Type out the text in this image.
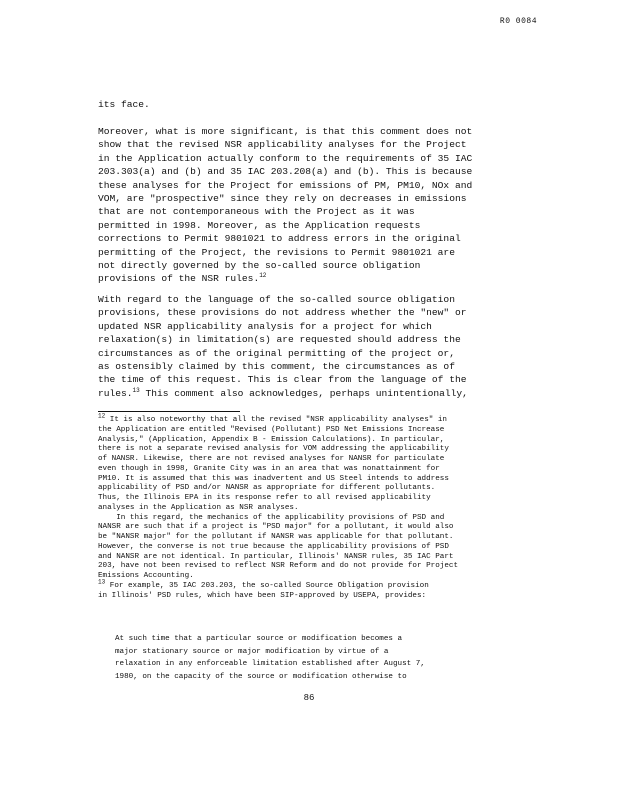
R0 0084
its face.
Moreover, what is more significant, is that this comment does not
show that the revised NSR applicability analyses for the Project
in the Application actually conform to the requirements of 35 IAC
203.303(a) and (b) and 35 IAC 203.208(a) and (b). This is because
these analyses for the Project for emissions of PM, PM10, NOx and
VOM, are "prospective" since they rely on decreases in emissions
that are not contemporaneous with the Project as it was
permitted in 1998. Moreover, as the Application requests
corrections to Permit 9801021 to address errors in the original
permitting of the Project, the revisions to Permit 9801021 are
not directly governed by the so-called source obligation
provisions of the NSR rules.$^{12}$
With regard to the language of the so-called source obligation
provisions, these provisions do not address whether the "new" or
updated NSR applicability analysis for a project for which
relaxation(s) in limitation(s) are requested should address the
circumstances as of the original permitting of the project or,
as ostensibly claimed by this comment, the circumstances as of
the time of this request. This is clear from the language of the
rules.$^{13}$ This comment also acknowledges, perhaps unintentionally,
$^{12}$ It is also noteworthy that all the revised "NSR applicability analyses" in
the Application are entitled "Revised (Pollutant) PSD Net Emissions Increase
Analysis," (Application, Appendix B - Emission Calculations). In particular,
there is not a separate revised analysis for VOM addressing the applicability
of NANSR. Likewise, there are not revised analyses for NANSR for particulate
even though in 1998, Granite City was in an area that was nonattainment for
PM10. It is assumed that this was inadvertent and US Steel intends to address
applicability of PSD and/or NANSR as appropriate for different pollutants.
Thus, the Illinois EPA in its response refer to all revised applicability
analyses in the Application as NSR analyses.
In this regard, the mechanics of the applicability provisions of PSD and
NANSR are such that if a project is "PSD major" for a pollutant, it would also
be "NANSR major" for the pollutant if NANSR was applicable for that pollutant.
However, the converse is not true because the applicability provisions of PSD
and NANSR are not identical. In particular, Illinois' NANSR rules, 35 IAC Part
203, have not been revised to reflect NSR Reform and do not provide for Project
Emissions Accounting.
$^{13}$ For example, 35 IAC 203.203, the so-called Source Obligation provision
in Illinois' PSD rules, which have been SIP-approved by USEPA, provides:
At such time that a particular source or modification becomes a
major stationary source or major modification by virtue of a
relaxation in any enforceable limitation established after August 7,
1980, on the capacity of the source or modification otherwise to
86
